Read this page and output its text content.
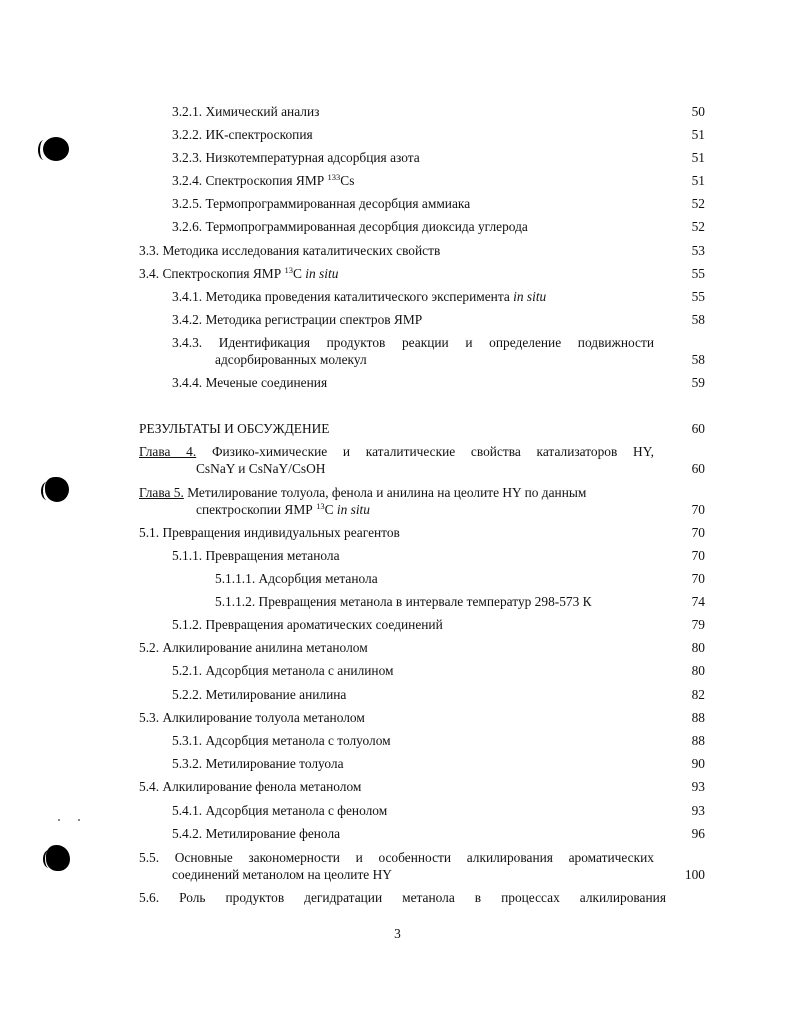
3.2.1. Химический анализ	50
3.2.2. ИК-спектроскопия	51
3.2.3. Низкотемпературная адсорбция азота	51
3.2.4. Спектроскопия ЯМР $^{133}$Cs	51
3.2.5. Термопрограммированная десорбция аммиака	52
3.2.6. Термопрограммированная десорбция диоксида углерода	52
3.3. Методика исследования каталитических свойств	53
3.4. Спектроскопия ЯМР $^{13}$C in situ	55
3.4.1. Методика проведения каталитического эксперимента in situ	55
3.4.2. Методика регистрации спектров ЯМР	58
3.4.3. Идентификация продуктов реакции и определение подвижности
адсорбированных молекул	58
3.4.4. Меченые соединения	59
РЕЗУЛЬТАТЫ И ОБСУЖДЕНИЕ	60
Глава 4. Физико-химические и каталитические свойства катализаторов HY,
CsNaY и CsNaY/CsOH	60
Глава 5. Метилирование толуола, фенола и анилина на цеолите HY по данным
спектроскопии ЯМР $^{13}$C in situ	70
5.1. Превращения индивидуальных реагентов	70
5.1.1. Превращения метанола	70
5.1.1.1. Адсорбция метанола	70
5.1.1.2. Превращения метанола в интервале температур 298-573 К	74
5.1.2. Превращения ароматических соединений	79
5.2. Алкилирование анилина метанолом	80
5.2.1. Адсорбция метанола с анилином	80
5.2.2. Метилирование анилина	82
5.3. Алкилирование толуола метанолом	88
5.3.1. Адсорбция метанола с толуолом	88
5.3.2. Метилирование толуола	90
5.4. Алкилирование фенола метанолом	93
5.4.1. Адсорбция метанола с фенолом	93
5.4.2. Метилирование фенола	96
5.5. Основные закономерности и особенности алкилирования ароматических
соединений метанолом на цеолите HY	100
5.6. Роль продуктов дегидратации метанола в процессах алкилирования
3
